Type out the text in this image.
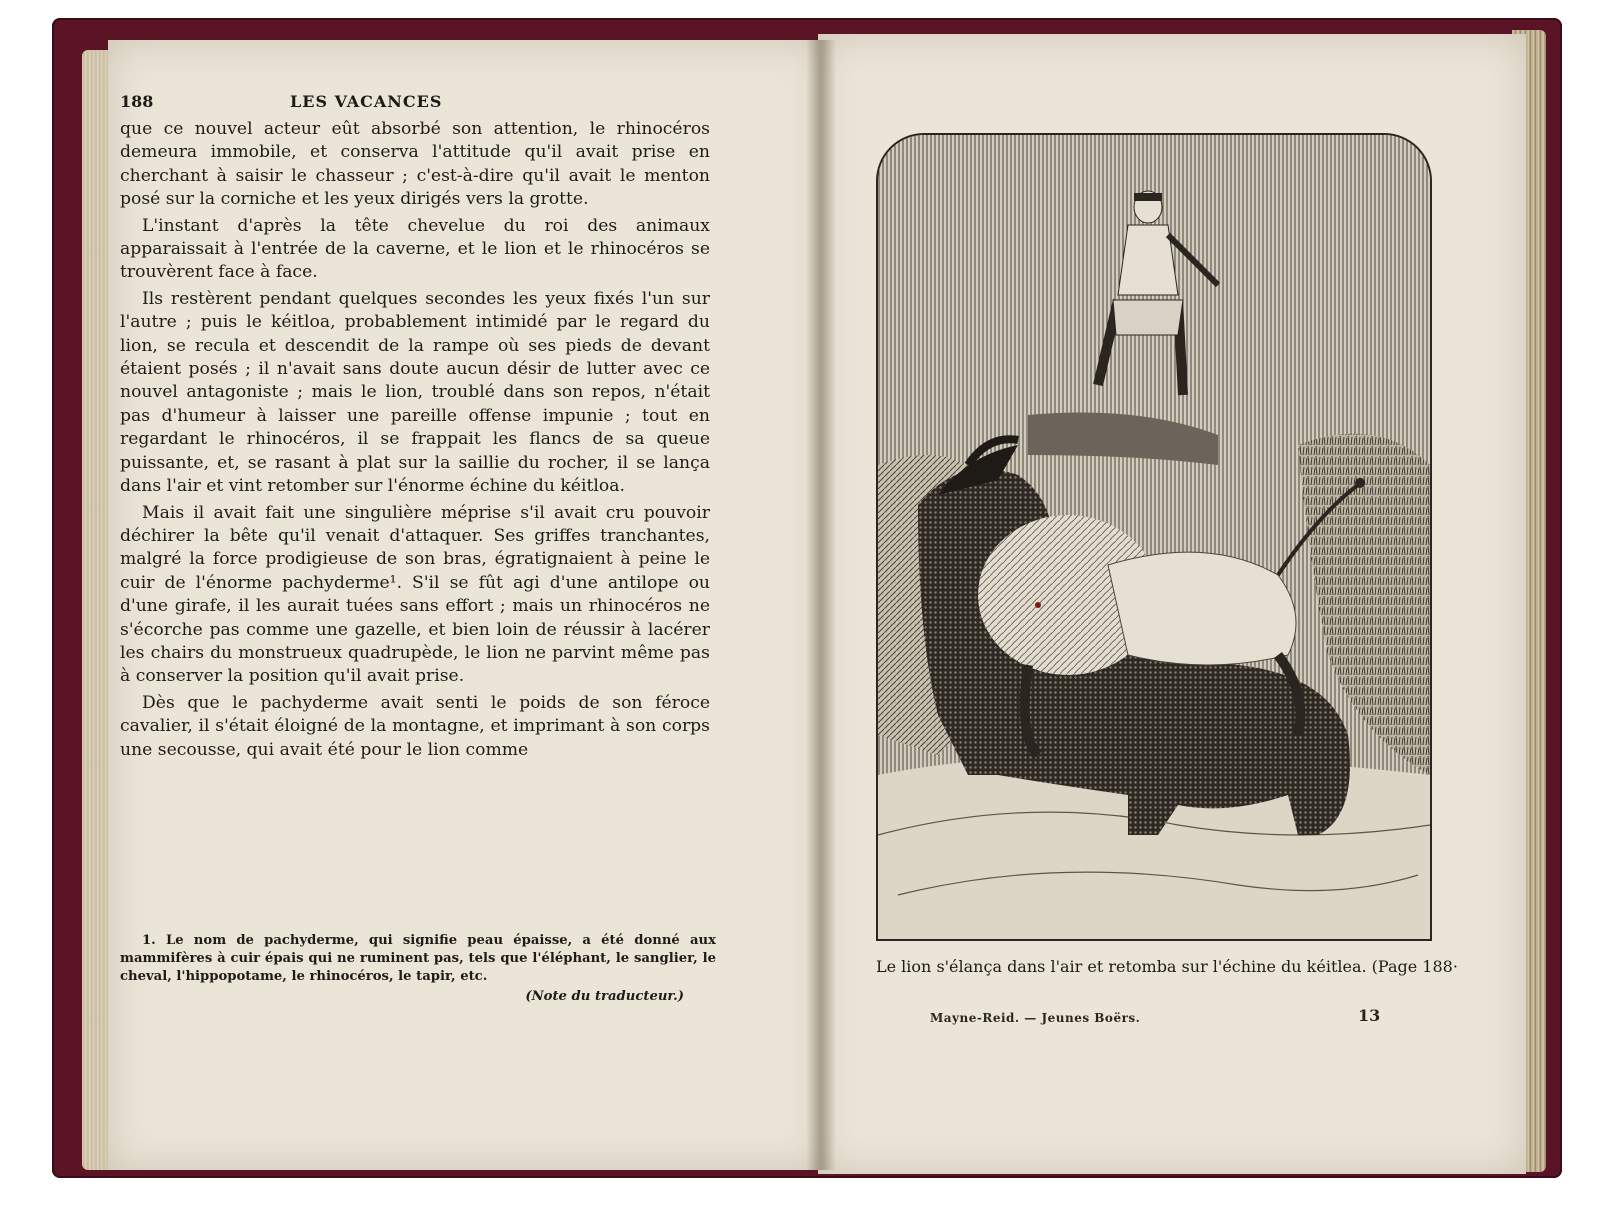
188	LES VACANCES

que ce nouvel acteur eût absorbé son attention, le rhinocéros demeura immobile, et conserva l'attitude qu'il avait prise en cherchant à saisir le chasseur ; c'est-à-dire qu'il avait le menton posé sur la corniche et les yeux dirigés vers la grotte.

L'instant d'après la tête chevelue du roi des animaux apparaissait à l'entrée de la caverne, et le lion et le rhinocéros se trouvèrent face à face.

Ils restèrent pendant quelques secondes les yeux fixés l'un sur l'autre ; puis le kéitloa, probablement intimidé par le regard du lion, se recula et descendit de la rampe où ses pieds de devant étaient posés ; il n'avait sans doute aucun désir de lutter avec ce nouvel antagoniste ; mais le lion, troublé dans son repos, n'était pas d'humeur à laisser une pareille offense impunie ; tout en regardant le rhinocéros, il se frappait les flancs de sa queue puissante, et, se rasant à plat sur la saillie du rocher, il se lança dans l'air et vint retomber sur l'énorme échine du kéitloa.

Mais il avait fait une singulière méprise s'il avait cru pouvoir déchirer la bête qu'il venait d'attaquer. Ses griffes tranchantes, malgré la force prodigieuse de son bras, égratignaient à peine le cuir de l'énorme pachyderme¹. S'il se fût agi d'une antilope ou d'une girafe, il les aurait tuées sans effort ; mais un rhinocéros ne s'écorche pas comme une gazelle, et bien loin de réussir à lacérer les chairs du monstrueux quadrupède, le lion ne parvint même pas à conserver la position qu'il avait prise.

Dès que le pachyderme avait senti le poids de son féroce cavalier, il s'était éloigné de la montagne, et imprimant à son corps une secousse, qui avait été pour le lion comme

1. Le nom de pachyderme, qui signifie peau épaisse, a été donné aux mammifères à cuir épais qui ne ruminent pas, tels que l'éléphant, le sanglier, le cheval, l'hippopotame, le rhinocéros, le tapir, etc.

(Note du traducteur.)
Le lion s'élança dans l'air et retomba sur l'échine du kéitlea. (Page 188·
Mayne-Reid. — Jeunes Boërs.	13
